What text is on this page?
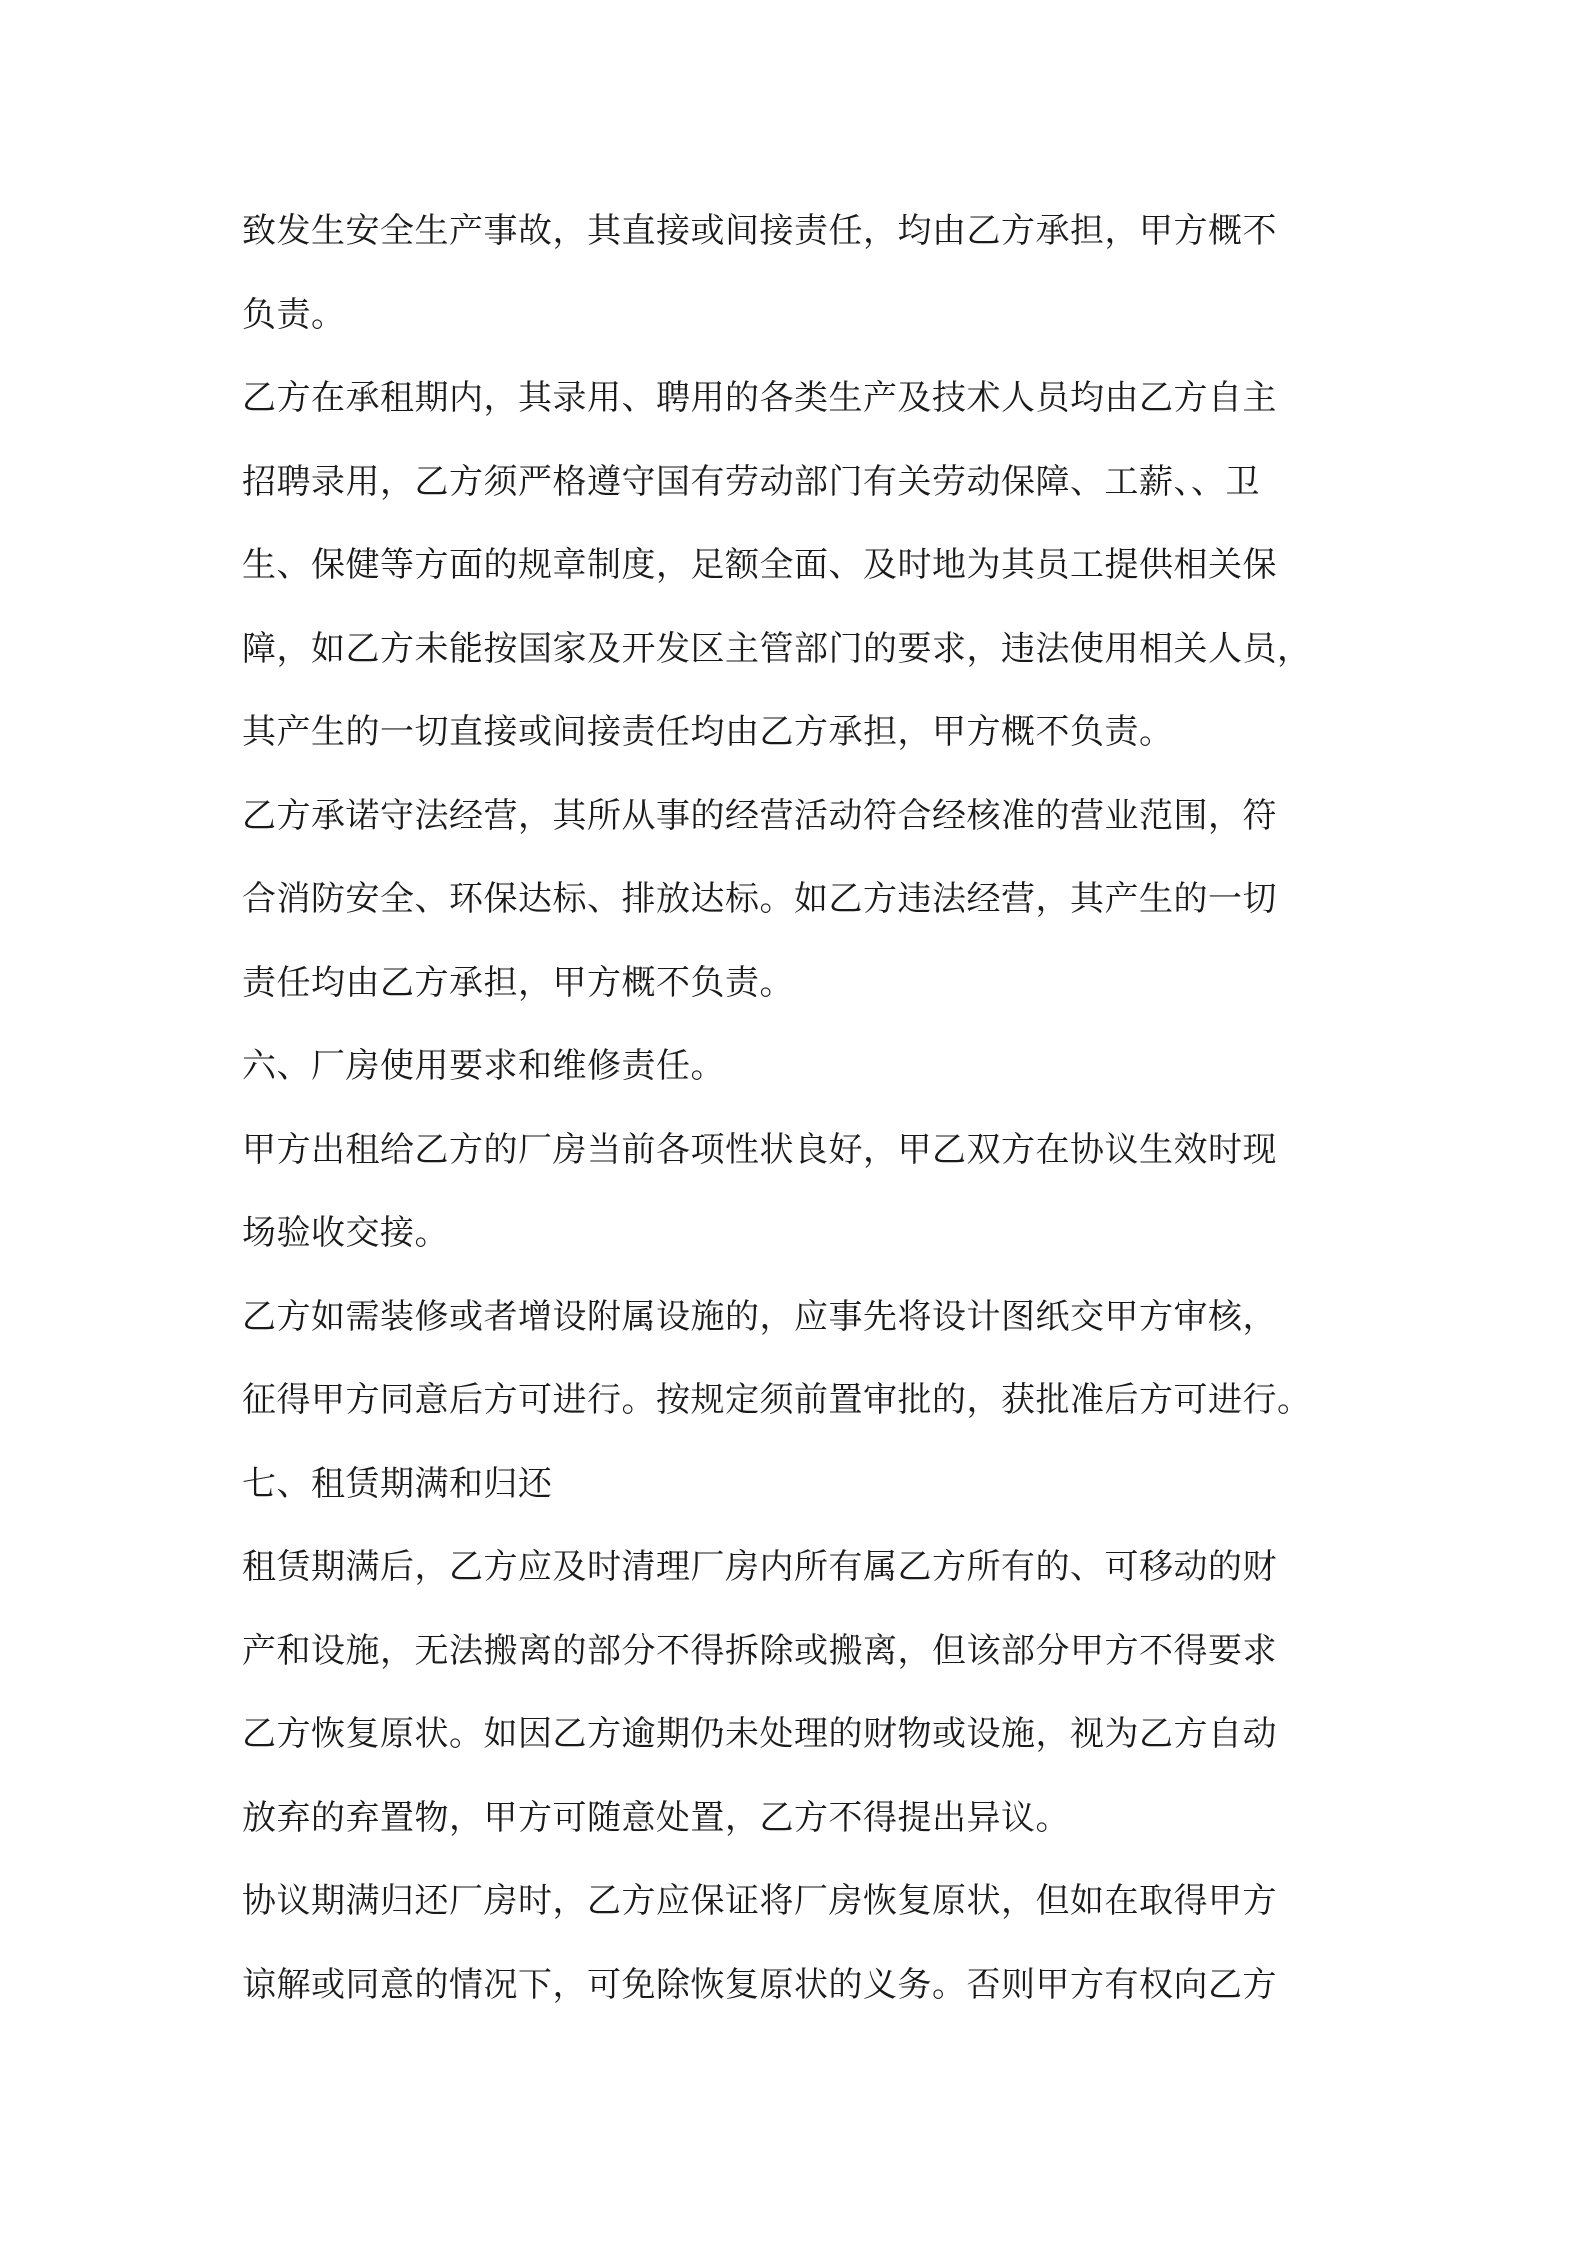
致发生安全生产事故，其直接或间接责任，均由乙方承担，甲方概不
负责。
乙方在承租期内，其录用、聘用的各类生产及技术人员均由乙方自主
招聘录用，乙方须严格遵守国有劳动部门有关劳动保障、工薪、、卫
生、保健等方面的规章制度，足额全面、及时地为其员工提供相关保
障，如乙方未能按国家及开发区主管部门的要求，违法使用相关人员，
其产生的一切直接或间接责任均由乙方承担，甲方概不负责。
乙方承诺守法经营，其所从事的经营活动符合经核准的营业范围，符
合消防安全、环保达标、排放达标。如乙方违法经营，其产生的一切
责任均由乙方承担，甲方概不负责。
六、厂房使用要求和维修责任。
甲方出租给乙方的厂房当前各项性状良好，甲乙双方在协议生效时现
场验收交接。
乙方如需装修或者增设附属设施的，应事先将设计图纸交甲方审核，
征得甲方同意后方可进行。按规定须前置审批的，获批准后方可进行。
七、租赁期满和归还
租赁期满后，乙方应及时清理厂房内所有属乙方所有的、可移动的财
产和设施，无法搬离的部分不得拆除或搬离，但该部分甲方不得要求
乙方恢复原状。如因乙方逾期仍未处理的财物或设施，视为乙方自动
放弃的弃置物，甲方可随意处置，乙方不得提出异议。
协议期满归还厂房时，乙方应保证将厂房恢复原状，但如在取得甲方
谅解或同意的情况下，可免除恢复原状的义务。否则甲方有权向乙方
